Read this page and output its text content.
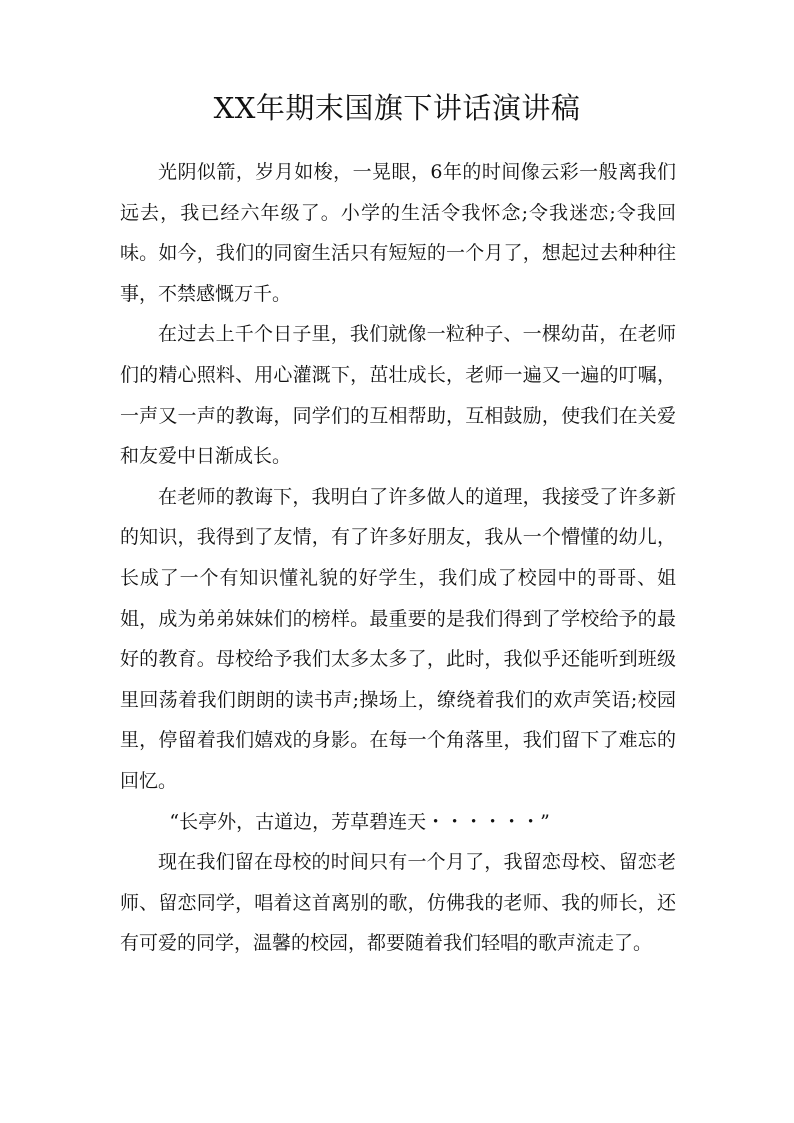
XX年期末国旗下讲话演讲稿

光阴似箭，岁月如梭，一晃眼，6年的时间像云彩一般离我们远去，我已经六年级了。小学的生活令我怀念;令我迷恋;令我回味。如今，我们的同窗生活只有短短的一个月了，想起过去种种往事，不禁感慨万千。

在过去上千个日子里，我们就像一粒种子、一棵幼苗，在老师们的精心照料、用心灌溉下，茁壮成长，老师一遍又一遍的叮嘱，一声又一声的教诲，同学们的互相帮助，互相鼓励，使我们在关爱和友爱中日渐成长。

在老师的教诲下，我明白了许多做人的道理，我接受了许多新的知识，我得到了友情，有了许多好朋友，我从一个懵懂的幼儿，长成了一个有知识懂礼貌的好学生，我们成了校园中的哥哥、姐姐，成为弟弟妹妹们的榜样。最重要的是我们得到了学校给予的最好的教育。母校给予我们太多太多了，此时，我似乎还能听到班级里回荡着我们朗朗的读书声;操场上，缭绕着我们的欢声笑语;校园里，停留着我们嬉戏的身影。在每一个角落里，我们留下了难忘的回忆。

“长亭外，古道边，芳草碧连天・・・・・・”

现在我们留在母校的时间只有一个月了，我留恋母校、留恋老师、留恋同学，唱着这首离别的歌，仿佛我的老师、我的师长，还有可爱的同学，温馨的校园，都要随着我们轻唱的歌声流走了。
